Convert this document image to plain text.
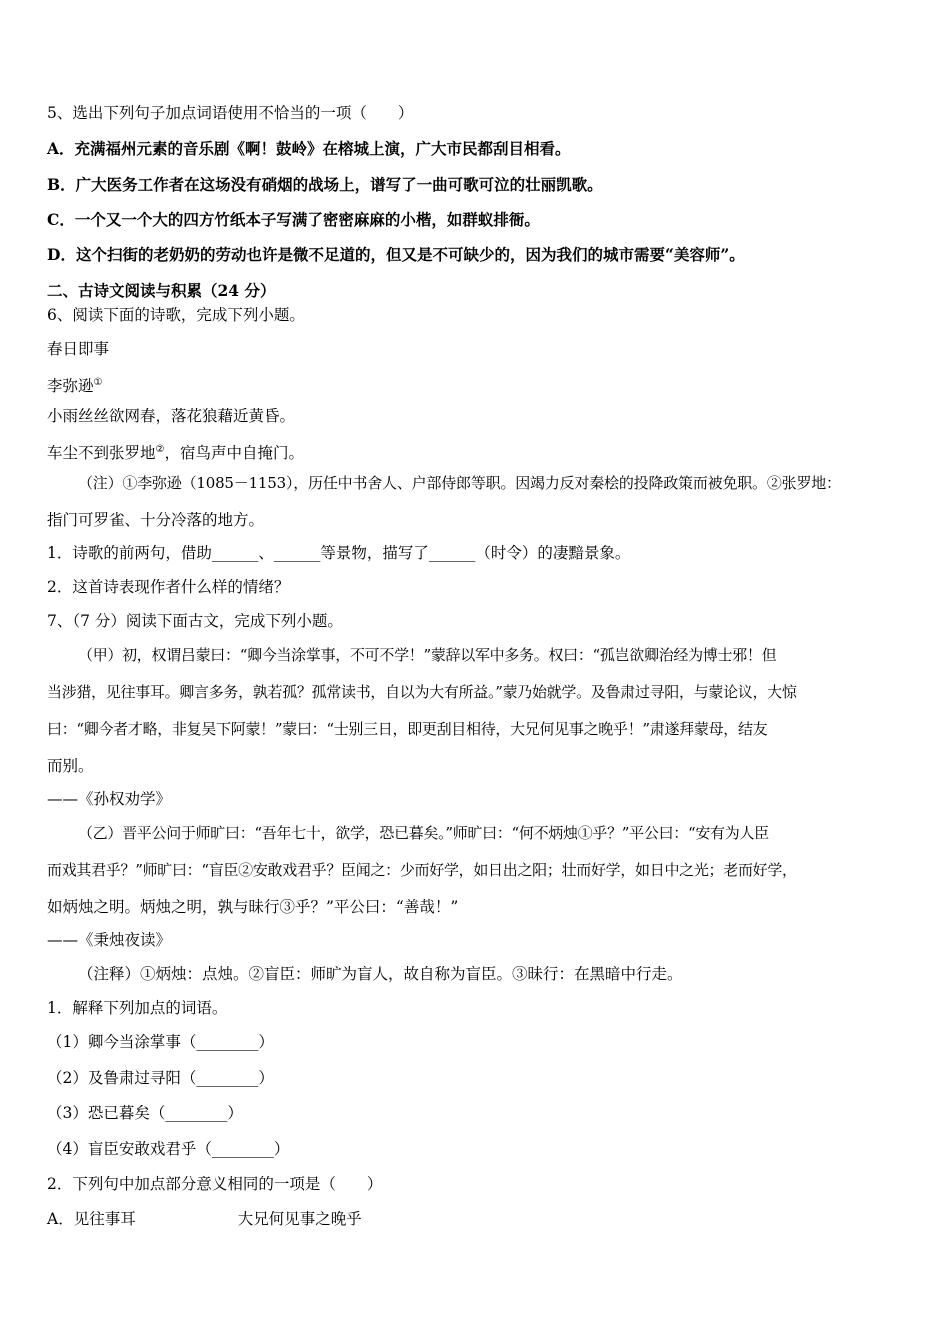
5、选出下列句子加点词语使用不恰当的一项（　　）
A．充满福州元素的音乐剧《啊！鼓岭》在榕城上演，广大市民都刮目相看。
B．广大医务工作者在这场没有硝烟的战场上，谱写了一曲可歌可泣的壮丽凯歌。
C．一个又一个大的四方竹纸本子写满了密密麻麻的小楷，如群蚁排衙。
D．这个扫街的老奶奶的劳动也许是微不足道的，但又是不可缺少的，因为我们的城市需要“美容师”。
二、古诗文阅读与积累（24 分）
6、阅读下面的诗歌，完成下列小题。
春日即事
李弥逊①
小雨丝丝欲网春，落花狼藉近黄昏。
车尘不到张罗地②，宿鸟声中自掩门。
（注）①李弥逊（1085－1153），历任中书舍人、户部侍郎等职。因竭力反对秦桧的投降政策而被免职。②张罗地：
指门可罗雀、十分冷落的地方。
1．诗歌的前两句，借助______、______等景物，描写了______（时令）的凄黯景象。
2．这首诗表现作者什么样的情绪？
7、（7 分）阅读下面古文，完成下列小题。
（甲）初，权谓吕蒙曰：“卿今当涂掌事，不可不学！”蒙辞以军中多务。权曰：“孤岂欲卿治经为博士邪！但
当涉猎，见往事耳。卿言多务，孰若孤？孤常读书，自以为大有所益。”蒙乃始就学。及鲁肃过寻阳，与蒙论议，大惊
曰：“卿今者才略，非复吴下阿蒙！”蒙曰：“士别三日，即更刮目相待，大兄何见事之晚乎！”肃遂拜蒙母，结友
而别。
——《孙权劝学》
（乙）晋平公问于师旷曰：“吾年七十，欲学，恐已暮矣。”师旷曰：“何不炳烛①乎？”平公曰：“安有为人臣
而戏其君乎？”师旷曰：“盲臣②安敢戏君乎？臣闻之：少而好学，如日出之阳；壮而好学，如日中之光；老而好学，
如炳烛之明。炳烛之明，孰与昧行③乎？”平公曰：“善哉！”
——《秉烛夜读》
（注释）①炳烛：点烛。②盲臣：师旷为盲人，故自称为盲臣。③昧行：在黑暗中行走。
1．解释下列加点的词语。
（1）卿今当涂掌事（________）
（2）及鲁肃过寻阳（________）
（3）恐已暮矣（________）
（4）盲臣安敢戏君乎（________）
2．下列句中加点部分意义相同的一项是（　　）
A．见往事耳	大兄何见事之晚乎
